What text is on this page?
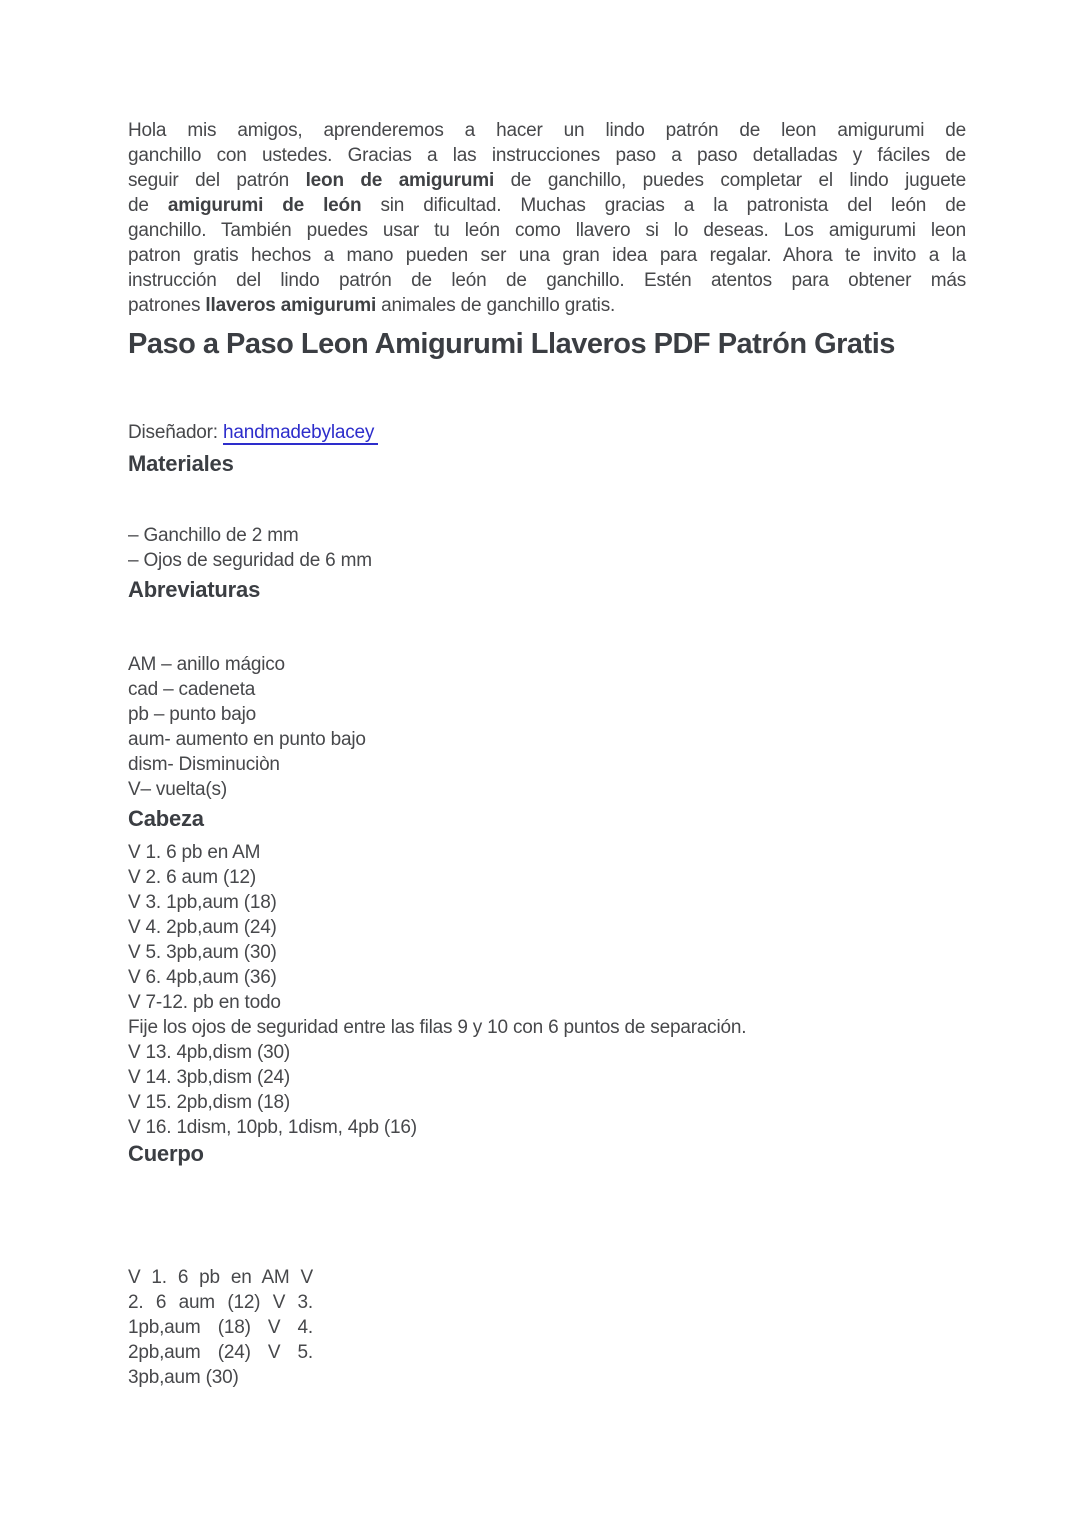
Hola mis amigos, aprenderemos a hacer un lindo patrón de leon amigurumi de
ganchillo con ustedes. Gracias a las instrucciones paso a paso detalladas y fáciles de
seguir del patrón leon de amigurumi de ganchillo, puedes completar el lindo juguete
de amigurumi de león sin dificultad. Muchas gracias a la patronista del león de
ganchillo. También puedes usar tu león como llavero si lo deseas. Los amigurumi leon
patron gratis hechos a mano pueden ser una gran idea para regalar. Ahora te invito a la
instrucción del lindo patrón de león de ganchillo. Estén atentos para obtener más
patrones llaveros amigurumi animales de ganchillo gratis.
Paso a Paso Leon Amigurumi Llaveros PDF Patrón Gratis

Diseñador: handmadebylacey

Materiales
– Ganchillo de 2 mm
– Ojos de seguridad de 6 mm
Abreviaturas
AM – anillo mágico
cad – cadeneta
pb – punto bajo
aum- aumento en punto bajo
dism- Disminuciòn
V– vuelta(s)
Cabeza
V 1. 6 pb en AM
V 2. 6 aum (12)
V 3. 1pb,aum (18)
V 4. 2pb,aum (24)
V 5. 3pb,aum (30)
V 6. 4pb,aum (36)
V 7-12. pb en todo
Fije los ojos de seguridad entre las filas 9 y 10 con 6 puntos de separación.
V 13. 4pb,dism (30)
V 14. 3pb,dism (24)
V 15. 2pb,dism (18)
V 16. 1dism, 10pb, 1dism, 4pb (16)
Cuerpo
V 1. 6 pb en AM V
2. 6 aum (12) V 3.
1pb,aum (18) V 4.
2pb,aum (24) V 5.
3pb,aum (30)
